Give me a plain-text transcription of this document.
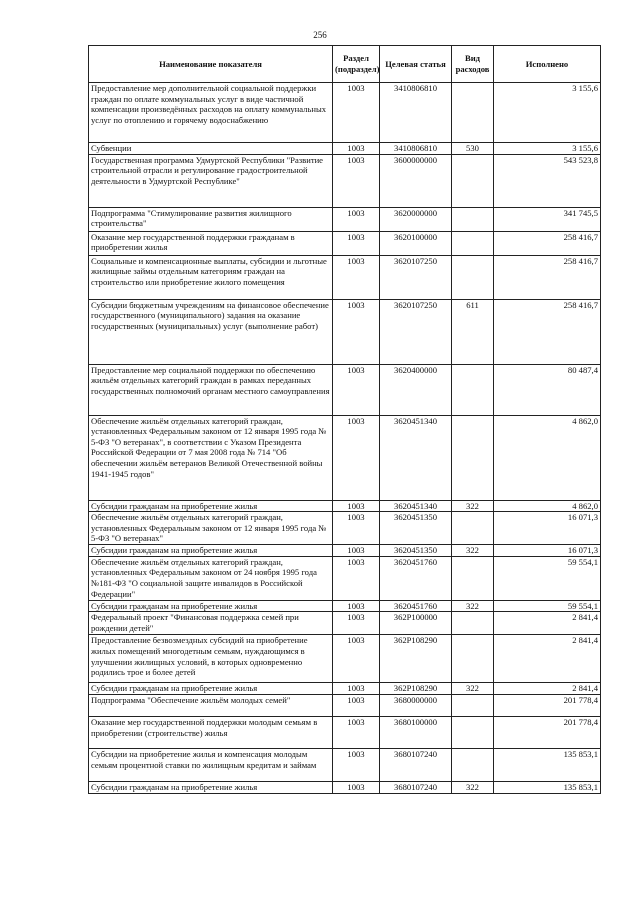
256
Наименование показателя	Раздел (подраздел)	Целевая статья	Вид расходов	Исполнено
Предоставление мер дополнительной социальной поддержки граждан по оплате коммунальных услуг в виде частичной компенсации произведённых расходов на оплату коммунальных услуг по отоплению и горячему водоснабжению	1003	3410806810		3 155,6
Субвенции	1003	3410806810	530	3 155,6
Государственная программа Удмуртской Республики "Развитие строительной отрасли и регулирование градостроительной деятельности в Удмуртской Республике"	1003	3600000000		543 523,8
Подпрограмма "Стимулирование развития жилищного строительства"	1003	3620000000		341 745,5
Оказание мер государственной поддержки гражданам в приобретении жилья	1003	3620100000		258 416,7
Социальные и компенсационные выплаты, субсидии и льготные жилищные займы отдельным категориям граждан на строительство или приобретение жилого помещения	1003	3620107250		258 416,7
Субсидии бюджетным учреждениям на финансовое обеспечение государственного (муниципального) задания на оказание государственных (муниципальных) услуг (выполнение работ)	1003	3620107250	611	258 416,7
Предоставление мер социальной поддержки по обеспечению жильём отдельных категорий граждан в рамках переданных государственных полномочий органам местного самоуправления	1003	3620400000		80 487,4
Обеспечение жильём отдельных категорий граждан, установленных Федеральным законом от 12 января 1995 года № 5-ФЗ "О ветеранах", в соответствии с Указом Президента Российской Федерации от 7 мая 2008 года № 714 "Об обеспечении жильём ветеранов Великой Отечественной войны 1941-1945 годов"	1003	3620451340		4 862,0
Субсидии гражданам на приобретение жилья	1003	3620451340	322	4 862,0
Обеспечение жильём отдельных категорий граждан, установленных Федеральным законом от 12 января 1995 года № 5-ФЗ "О ветеранах"	1003	3620451350		16 071,3
Субсидии гражданам на приобретение жилья	1003	3620451350	322	16 071,3
Обеспечение жильём отдельных категорий граждан, установленных Федеральным законом от 24 ноября 1995 года №181-ФЗ "О социальной защите инвалидов в Российской Федерации"	1003	3620451760		59 554,1
Субсидии гражданам на приобретение жилья	1003	3620451760	322	59 554,1
Федеральный проект "Финансовая поддержка семей при рождении детей"	1003	362P100000		2 841,4
Предоставление безвозмездных субсидий на приобретение жилых помещений многодетным семьям, нуждающимся в улучшении жилищных условий, в которых одновременно родились трое и более детей	1003	362P108290		2 841,4
Субсидии гражданам на приобретение жилья	1003	362P108290	322	2 841,4
Подпрограмма "Обеспечение жильём молодых семей"	1003	3680000000		201 778,4
Оказание мер государственной поддержки молодым семьям в приобретении (строительстве) жилья	1003	3680100000		201 778,4
Субсидии на приобретение жилья и компенсация молодым семьям процентной ставки по жилищным кредитам и займам	1003	3680107240		135 853,1
Субсидии гражданам на приобретение жилья	1003	3680107240	322	135 853,1
